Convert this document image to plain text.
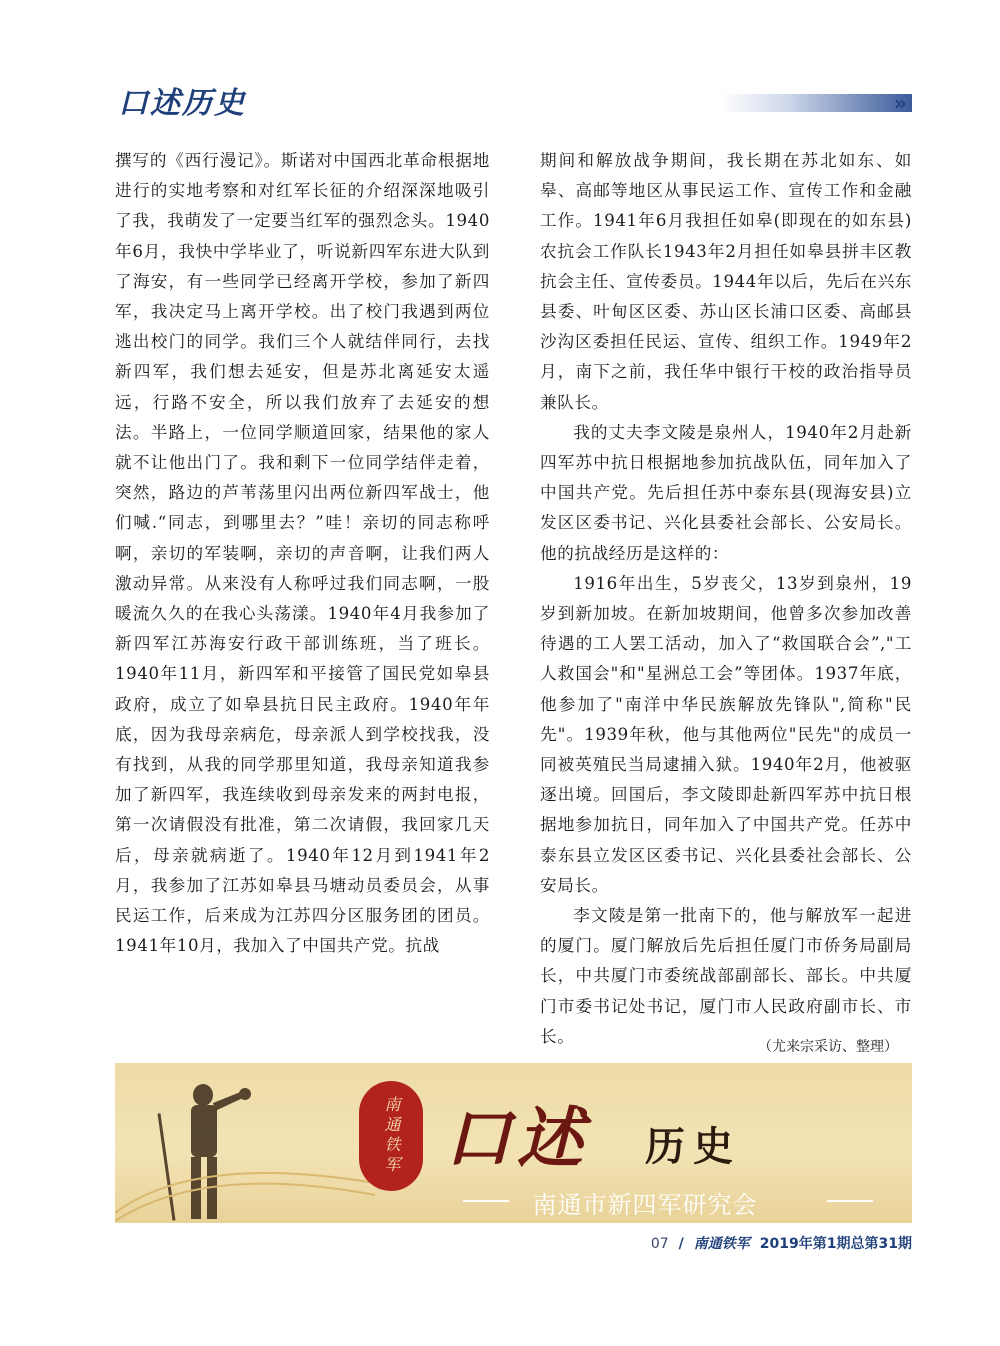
口述历史	»

撰写的《西行漫记》。斯诺对中国西北革命根据地进行的实地考察和对红军长征的介绍深深地吸引了我，我萌发了一定要当红军的强烈念头。1940年6月，我快中学毕业了，听说新四军东进大队到了海安，有一些同学已经离开学校，参加了新四军，我决定马上离开学校。出了校门我遇到两位逃出校门的同学。我们三个人就结伴同行，去找新四军，我们想去延安，但是苏北离延安太遥远，行路不安全，所以我们放弃了去延安的想法。半路上，一位同学顺道回家，结果他的家人就不让他出门了。我和剩下一位同学结伴走着，突然，路边的芦苇荡里闪出两位新四军战士，他们喊.“同志，到哪里去？”哇！亲切的同志称呼啊，亲切的军装啊，亲切的声音啊，让我们两人激动异常。从来没有人称呼过我们同志啊，一股暖流久久的在我心头荡漾。1940年4月我参加了新四军江苏海安行政干部训练班，当了班长。1940年11月，新四军和平接管了国民党如皋县政府，成立了如皋县抗日民主政府。1940年年底，因为我母亲病危，母亲派人到学校找我，没有找到，从我的同学那里知道，我母亲知道我参加了新四军，我连续收到母亲发来的两封电报，第一次请假没有批准，第二次请假，我回家几天后，母亲就病逝了。1940年12月到1941年2月，我参加了江苏如皋县马塘动员委员会，从事民运工作，后来成为江苏四分区服务团的团员。1941年10月，我加入了中国共产党。抗战

期间和解放战争期间，我长期在苏北如东、如皋、高邮等地区从事民运工作、宣传工作和金融工作。1941年6月我担任如皋(即现在的如东县)农抗会工作队长1943年2月担任如皋县拼丰区教抗会主任、宣传委员。1944年以后，先后在兴东县委、叶甸区区委、苏山区长浦口区委、高邮县沙沟区委担任民运、宣传、组织工作。1949年2月，南下之前，我任华中银行干校的政治指导员兼队长。

我的丈夫李文陵是泉州人，1940年2月赴新四军苏中抗日根据地参加抗战队伍，同年加入了中国共产党。先后担任苏中泰东县(现海安县)立发区区委书记、兴化县委社会部长、公安局长。他的抗战经历是这样的：

1916年出生，5岁丧父，13岁到泉州，19岁到新加坡。在新加坡期间，他曾多次参加改善待遇的工人罢工活动，加入了“救国联合会”,"工人救国会"和"星洲总工会”等团体。1937年底，他参加了"南洋中华民族解放先锋队",简称"民先"。1939年秋，他与其他两位"民先"的成员一同被英殖民当局逮捕入狱。1940年2月，他被驱逐出境。回国后，李文陵即赴新四军苏中抗日根据地参加抗日，同年加入了中国共产党。任苏中泰东县立发区区委书记、兴化县委社会部长、公安局长。

李文陵是第一批南下的，他与解放军一起进的厦门。厦门解放后先后担任厦门市侨务局副局长，中共厦门市委统战部副部长、部长。中共厦门市委书记处书记，厦门市人民政府副市长、市长。

（尤来宗采访、整理）
南通铁军 口述 历史
南通市新四军研究会
07 / 南通铁军 2019年第1期总第31期
